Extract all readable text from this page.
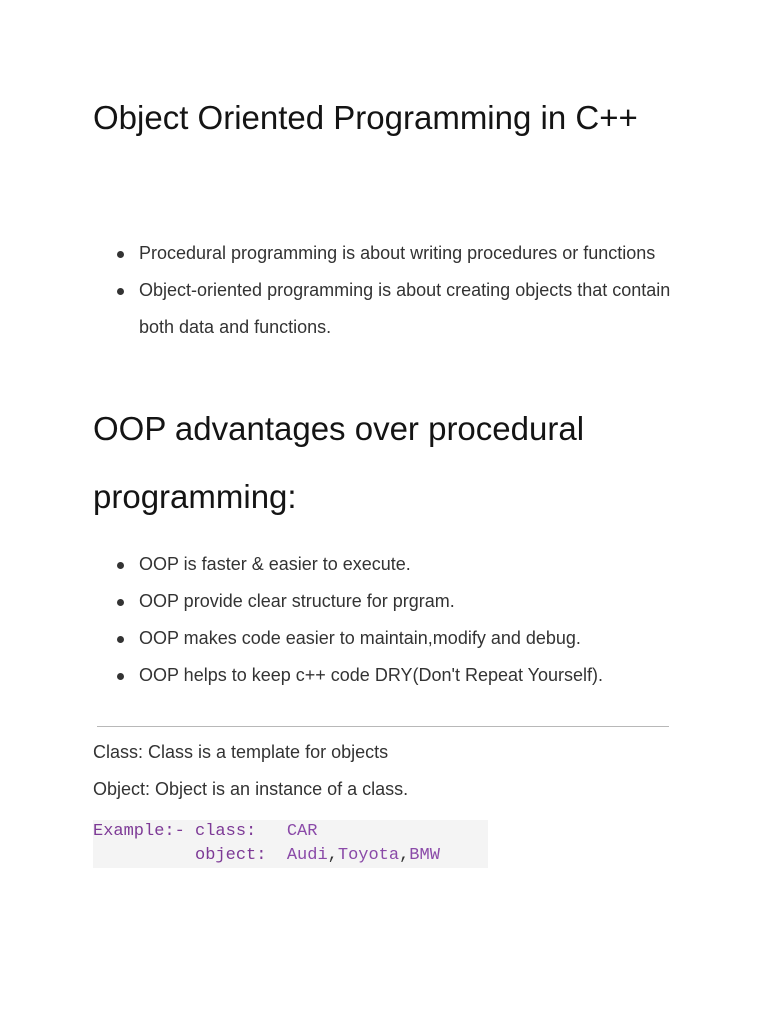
Object Oriented Programming in C++
Procedural programming is about writing procedures or functions
Object-oriented programming is about creating objects that contain both data and functions.
OOP advantages over procedural programming:
OOP is faster & easier to execute.
OOP provide clear structure for prgram.
OOP makes code easier to maintain,modify and debug.
OOP helps to keep c++ code DRY(Don't Repeat Yourself).
Class: Class is a template for objects
Object: Object is an instance of a class.
Example:- class: CAR
object: Audi,Toyota,BMW
